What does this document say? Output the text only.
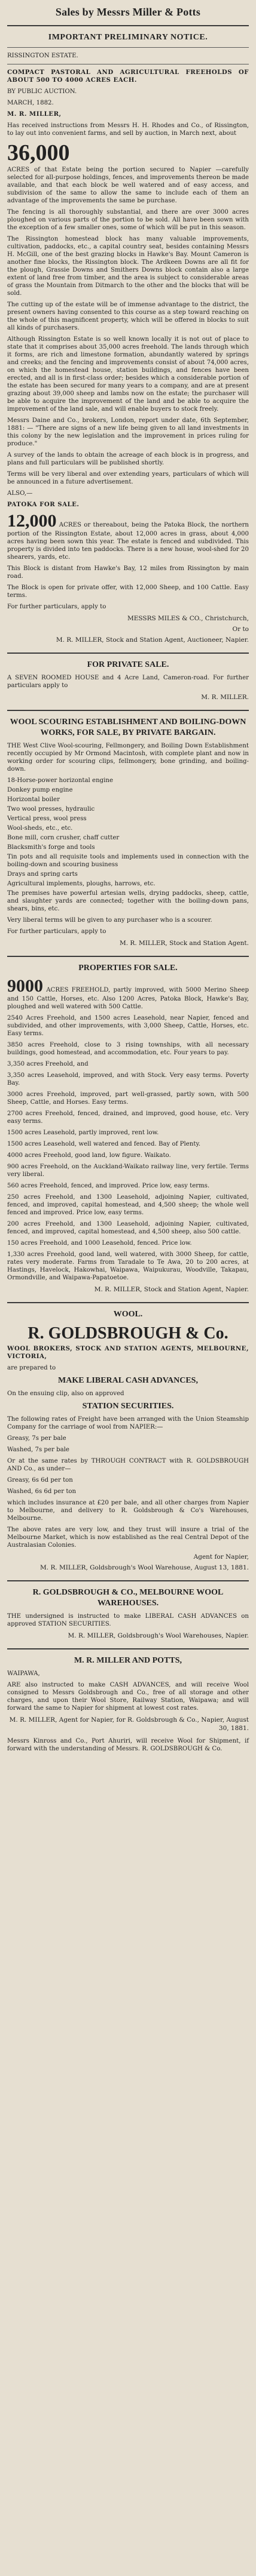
Sales by Messrs Miller & Potts
IMPORTANT PRELIMINARY NOTICE.
RISSINGTON ESTATE.
COMPACT PASTORAL AND AGRICULTURAL FREEHOLDS OF ABOUT 500 TO 4000 ACRES EACH.
BY PUBLIC AUCTION.
MARCH, 1882.
M. R. MILLER,

Has received instructions from Messrs H. H. Rhodes and Co., of Rissington, to lay out into convenient farms, and sell by auction, in March next, about

36,000
ACRES of that Estate being the portion secured to Napier —carefully selected for all-purpose holdings, fences, and improvements thereon be made available, and that each block be well watered and of easy access, and subdivision of the same to allow the same to include each of them an advantage of the improvements the same be purchase.

The fencing is all thoroughly substantial, and there are over 3000 acres ploughed on various parts of the portion to be sold. All have been sown with the exception of a few smaller ones, some of which will be put in this season.

The Rissington homestead block has many valuable improvements, cultivation, paddocks, etc., a capital country seat, besides containing Messrs H. McGill, one of the best grazing blocks in Hawke's Bay. Mount Cameron is another fine blocks, the Rissington block. The Ardkeen Downs are all fit for the plough, Grassie Downs and Smithers Downs block contain also a large extent of land free from timber, and the area is subject to considerable areas of grass the Mountain from Ditmarch to the other and the blocks that will be sold.

The cutting up of the estate will be of immense advantage to the district, the present owners having consented to this course as a step toward reaching on the whole of this magnificent property, which will be offered in blocks to suit all kinds of purchasers.

Although Rissington Estate is so well known locally it is not out of place to state that it comprises about 35,000 acres freehold. The lands through which it forms, are rich and limestone formation, abundantly watered by springs and creeks; and the fencing and improvements consist of about 74,000 acres, on which the homestead house, station buildings, and fences have been erected, and all is in first-class order; besides which a considerable portion of the estate has been secured for many years to a company, and are at present grazing about 39,000 sheep and lambs now on the estate; the purchaser will be able to acquire the improvement of the land and be able to acquire the improvement of the land sale, and will enable buyers to stock freely.

Messrs Daine and Co., brokers, London, report under date, 6th September, 1881: — "There are signs of a new life being given to all land investments in this colony by the new legislation and the improvement in prices ruling for produce."

A survey of the lands to obtain the acreage of each block is in progress, and plans and full particulars will be published shortly.

Terms will be very liberal and over extending years, particulars of which will be announced in a future advertisement.

ALSO,—
PATOKA FOR SALE.
12,000 ACRES or thereabout, being the Patoka Block, the northern portion of the Rissington Estate, about 12,000 acres in grass, about 4,000 acres having been sown this year. The estate is fenced and subdivided. This property is divided into ten paddocks. There is a new house, wool-shed for 20 shearers, yards, etc.

This Block is distant from Hawke's Bay, 12 miles from Rissington by main road.

The Block is open for private offer, with 12,000 Sheep, and 100 Cattle. Easy terms.

For further particulars, apply to

MESSRS MILES & CO., Christchurch,
Or to
M. R. MILLER, Stock and Station Agent, Auctioneer, Napier.
FOR PRIVATE SALE.

A SEVEN ROOMED HOUSE and 4 Acre Land, Cameron-road. For further particulars apply to

M. R. MILLER.
WOOL SCOURING ESTABLISHMENT AND BOILING-DOWN WORKS, FOR SALE, BY PRIVATE BARGAIN.

THE West Clive Wool-scouring, Fellmongery, and Boiling Down Establishment recently occupied by Mr Ormond Macintosh, with complete plant and now in working order for scouring clips, fellmongery, bone grinding, and boiling-down.

18-Horse-power horizontal engine
Donkey pump engine
Horizontal boiler
Two wool presses, hydraulic
Vertical press, wool press
Wool-sheds, etc., etc.
Bone mill, corn crusher, chaff cutter
Blacksmith's forge and tools
Tin pots and all requisite tools and implements used in connection with the boiling-down and scouring business
Drays and spring carts
Agricultural implements, ploughs, harrows, etc.

The premises have powerful artesian wells, drying paddocks, sheep, cattle, and slaughter yards are connected; together with the boiling-down pans, shears, bins, etc.

Very liberal terms will be given to any purchaser who is a scourer.

For further particulars, apply to

M. R. MILLER, Stock and Station Agent.
PROPERTIES FOR SALE.
9000 ACRES FREEHOLD, partly improved, with 5000 Merino Sheep and 150 Cattle, Horses, etc. Also 1200 Acres, Patoka Block, Hawke's Bay, ploughed and well watered with 500 Cattle.

2540 Acres Freehold, and 1500 acres Leasehold, near Napier, fenced and subdivided, and other improvements, with 3,000 Sheep, Cattle, Horses, etc. Easy terms.

3850 acres Freehold, close to 3 rising townships, with all necessary buildings, good homestead, and accommodation, etc. Four years to pay.

3,350 acres Freehold, and

3,350 acres Leasehold, improved, and with Stock. Very easy terms. Poverty Bay.

3000 acres Freehold, improved, part well-grassed, partly sown, with 500 Sheep, Cattle, and Horses. Easy terms.

2700 acres Freehold, fenced, drained, and improved, good house, etc. Very easy terms.

1500 acres Leasehold, partly improved, rent low.

1500 acres Leasehold, well watered and fenced. Bay of Plenty.

4000 acres Freehold, good land, low figure. Waikato.

900 acres Freehold, on the Auckland-Waikato railway line, very fertile. Terms very liberal.

560 acres Freehold, fenced, and improved. Price low, easy terms.

250 acres Freehold, and 1300 Leasehold, adjoining Napier, cultivated, fenced, and improved, capital homestead, and 4,500 sheep; the whole well fenced and improved. Price low, easy terms.

200 acres Freehold, and 1300 Leasehold, adjoining Napier, cultivated, fenced, and improved, capital homestead, and 4,500 sheep, also 500 cattle.

150 acres Freehold, and 1000 Leasehold, fenced. Price low.

1,330 acres Freehold, good land, well watered, with 3000 Sheep, for cattle, rates very moderate. Farms from Taradale to Te Awa, 20 to 200 acres, at Hastings, Havelock, Hakowhai, Waipawa, Waipukurau, Woodville, Takapau, Ormondville, and Waipawa-Papatoetoe.

M. R. MILLER, Stock and Station Agent, Napier.
WOOL.
R. GOLDSBROUGH & Co.
WOOL BROKERS, STOCK AND STATION AGENTS, MELBOURNE, VICTORIA,
are prepared to
MAKE LIBERAL CASH ADVANCES,
On the ensuing clip, also on approved
STATION SECURITIES.

The following rates of Freight have been arranged with the Union Steamship Company for the carriage of wool from NAPIER:—

Greasy, 7s per bale
Washed, 7s per bale

Or at the same rates by THROUGH CONTRACT with R. GOLDSBROUGH AND Co., as under—

Greasy, 6s 6d per ton
Washed, 6s 6d per ton

which includes insurance at £20 per bale, and all other charges from Napier to Melbourne, and delivery to R. Goldsbrough & Co's Warehouses, Melbourne.

The above rates are very low, and they trust will insure a trial of the Melbourne Market, which is now established as the real Central Depot of the Australasian Colonies.

Agent for Napier,
M. R. MILLER, Goldsbrough's Wool Warehouse, August 13, 1881.
R. GOLDSBROUGH & CO., MELBOURNE WOOL WAREHOUSES.

THE undersigned is instructed to make LIBERAL CASH ADVANCES on approved STATION SECURITIES.

M. R. MILLER, Goldsbrough's Wool Warehouses, Napier.
M. R. MILLER AND POTTS,
WAIPAWA,

ARE also instructed to make CASH ADVANCES, and will receive Wool consigned to Messrs Goldsbrough and Co., free of all storage and other charges, and upon their Wool Store, Railway Station, Waipawa; and will forward the same to Napier for shipment at lowest cost rates.

M. R. MILLER, Agent for Napier, for R. Goldsbrough & Co., Napier, August 30, 1881.

Messrs Kinross and Co., Port Ahuriri, will receive Wool for Shipment, if forward with the understanding of Messrs. R. GOLDSBROUGH & Co.
